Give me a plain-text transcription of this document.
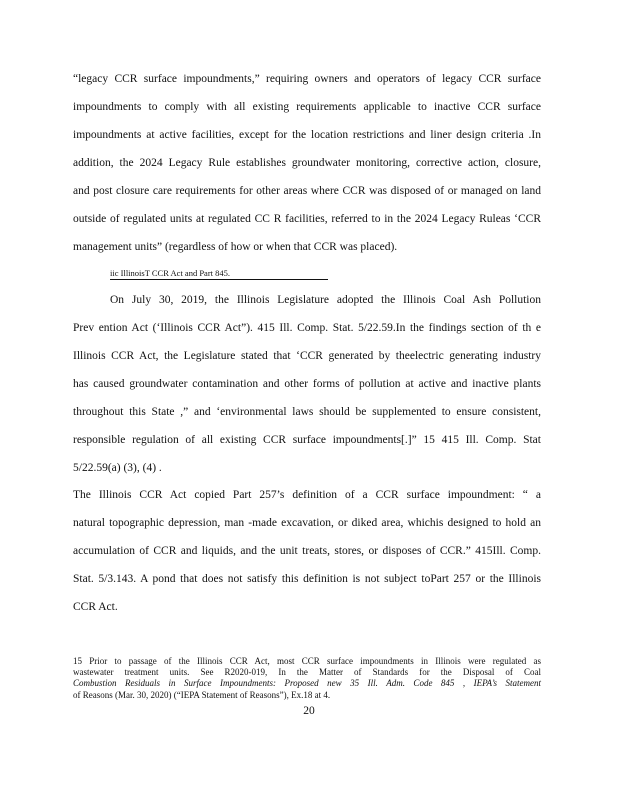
“legacy CCR surface impoundments,” requiring owners and operators of legacy CCR surface
impoundments to comply with all existing requirements applicable to inactive CCR surface
impoundments at active facilities, except for the location restrictions and liner design criteria .In
addition, the 2024 Legacy Rule establishes groundwater monitoring, corrective action, closure,
and post closure care requirements for other areas where CCR was disposed of or managed on land
outside of regulated units at regulated CC R facilities, referred to in the 2024 Legacy Ruleas ‘CCR
management units” (regardless of how or when that CCR was placed).
iic IllinoisT CCR Act and Part 845.
On July 30, 2019, the Illinois Legislature adopted the Illinois Coal Ash Pollution
Prev ention Act (‘Illinois CCR Act”). 415 Ill. Comp. Stat. 5/22.59.In the findings section of th e
Illinois CCR Act, the Legislature stated that ‘CCR generated by theelectric generating industry
has caused groundwater contamination and other forms of pollution at active and inactive plants
throughout this State ,” and ‘environmental laws should be supplemented to ensure consistent,
responsible regulation of all existing CCR surface impoundments[.]” 15 415 Ill. Comp. Stat
5/22.59(a) (3), (4) .
The Illinois CCR Act copied Part 257’s definition of a CCR surface impoundment: “ a
natural topographic depression, man -made excavation, or diked area, whichis designed to hold an
accumulation of CCR and liquids, and the unit treats, stores, or disposes of CCR.” 415Ill. Comp.
Stat. 5/3.143. A pond that does not satisfy this definition is not subject toPart 257 or the Illinois
CCR Act.
15 Prior to passage of the Illinois CCR Act, most CCR surface impoundments in Illinois were regulated as
wastewater treatment units. See R2020-019, In the Matter of Standards for the Disposal of Coal
Combustion Residuals in Surface Impoundments: Proposed new 35 Ill. Adm. Code 845 , IEPA’s Statement
of Reasons (Mar. 30, 2020) (“IEPA Statement of Reasons”), Ex.18 at 4.
20
